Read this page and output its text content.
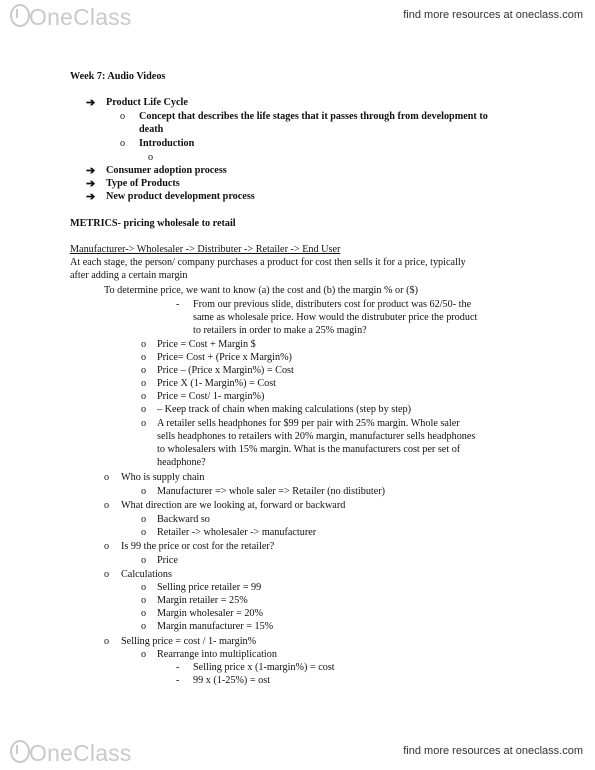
OneClass	find more resources at oneclass.com
Week 7: Audio Videos
➔ Product Life Cycle
o Concept that describes the life stages that it passes through from development to
death
o Introduction
o
➔ Consumer adoption process
➔ Type of Products
➔ New product development process
METRICS- pricing wholesale to retail
Manufacturer-> Wholesaler -> Distributer -> Retailer -> End User
At each stage, the person/ company purchases a product for cost then sells it for a price, typically
after adding a certain margin
To determine price, we want to know (a) the cost and (b) the margin % or ($)
- From our previous slide, distributers cost for product was 62/50- the
same as wholesale price. How would the distrubuter price the product
to retailers in order to make a 25% magin?
o Price = Cost + Margin $
o Price= Cost + (Price x Margin%)
o Price – (Price x Margin%) = Cost
o Price X (1- Margin%) = Cost
o Price = Cost/ 1- margin%)
o – Keep track of chain when making calculations (step by step)
o A retailer sells headphones for $99 per pair with 25% margin. Whole saler
sells headphones to retailers with 20% margin, manufacturer sells headphones
to wholesalers with 15% margin. What is the manufacturers cost per set of
headphone?
o Who is supply chain
o Manufacturer => whole saler => Retailer (no distibuter)
o What direction are we looking at, forward or backward
o Backward so
o Retailer -> wholesaler -> manufacturer
o Is 99 the price or cost for the retailer?
o Price
o Calculations
o Selling price retailer = 99
o Margin retailer = 25%
o Margin wholesaler = 20%
o Margin manufacturer = 15%
o Selling price = cost / 1- margin%
o Rearrange into multiplication
- Selling price x (1-margin%) = cost
- 99 x (1-25%) = ost
OneClass	find more resources at oneclass.com
